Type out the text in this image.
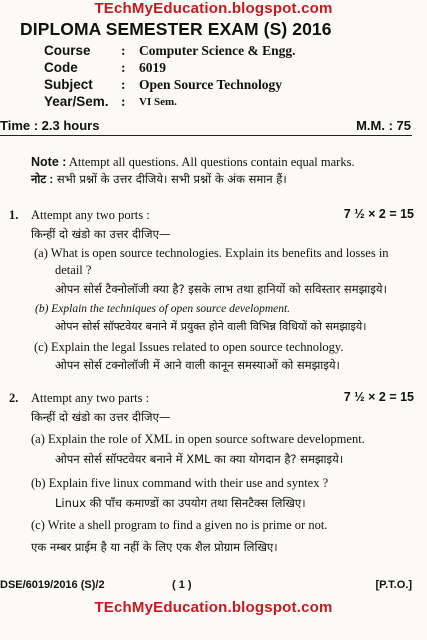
TEchMyEducation.blogspot.com
DIPLOMA SEMESTER EXAM (S) 2016
Course	:	Computer Science & Engg.
Code	:	6019
Subject	:	Open Source Technology
Year/Sem. :	VI Sem.
Time : 2.3 hours	M.M. : 75
Note : Attempt all questions. All questions contain equal marks.
नोट : सभी प्रश्नों के उत्तर दीजिये। सभी प्रश्नों के अंक समान हैं।
1. Attempt any two ports :	7 ½ × 2 = 15
किन्हीं दो खंडो का उत्तर दीजिए—
(a) What is open source technologies. Explain its benefits and losses in
detail ?
ओपन सोर्स टैक्नोलॉजी क्या है? इसके लाभ तथा हानियों को सविस्तार समझाइये।
(b) Explain the techniques of open source development.
ओपन सोर्स सॉफ्टवेयर बनाने में प्रयुक्त होने वाली विभिन्न विधियों को समझाइये।
(c) Explain the legal Issues related to open source technology.
ओपन सोर्स टक्नोलॉजी में आने वाली कानून समस्याओं को समझाइये।
2. Attempt any two parts :	7 ½ × 2 = 15
किन्हीं दो खंडो का उत्तर दीजिए—
(a) Explain the role of XML in open source software development.
ओपन सोर्स सॉफ्टवेयर बनाने में XML का क्या योगदान है? समझाइये।
(b) Explain five linux command with their use and syntex ?
Linux की पाँच कमाण्डों का उपयोग तथा सिनटैक्स लिखिए।
(c) Write a shell program to find a given no is prime or not.
एक नम्बर प्राईम है या नहीं के लिए एक शैल प्रोग्राम लिखिए।
DSE/6019/2016 (S)/2	( 1 )	[P.T.O.]
TEchMyEducation.blogspot.com
